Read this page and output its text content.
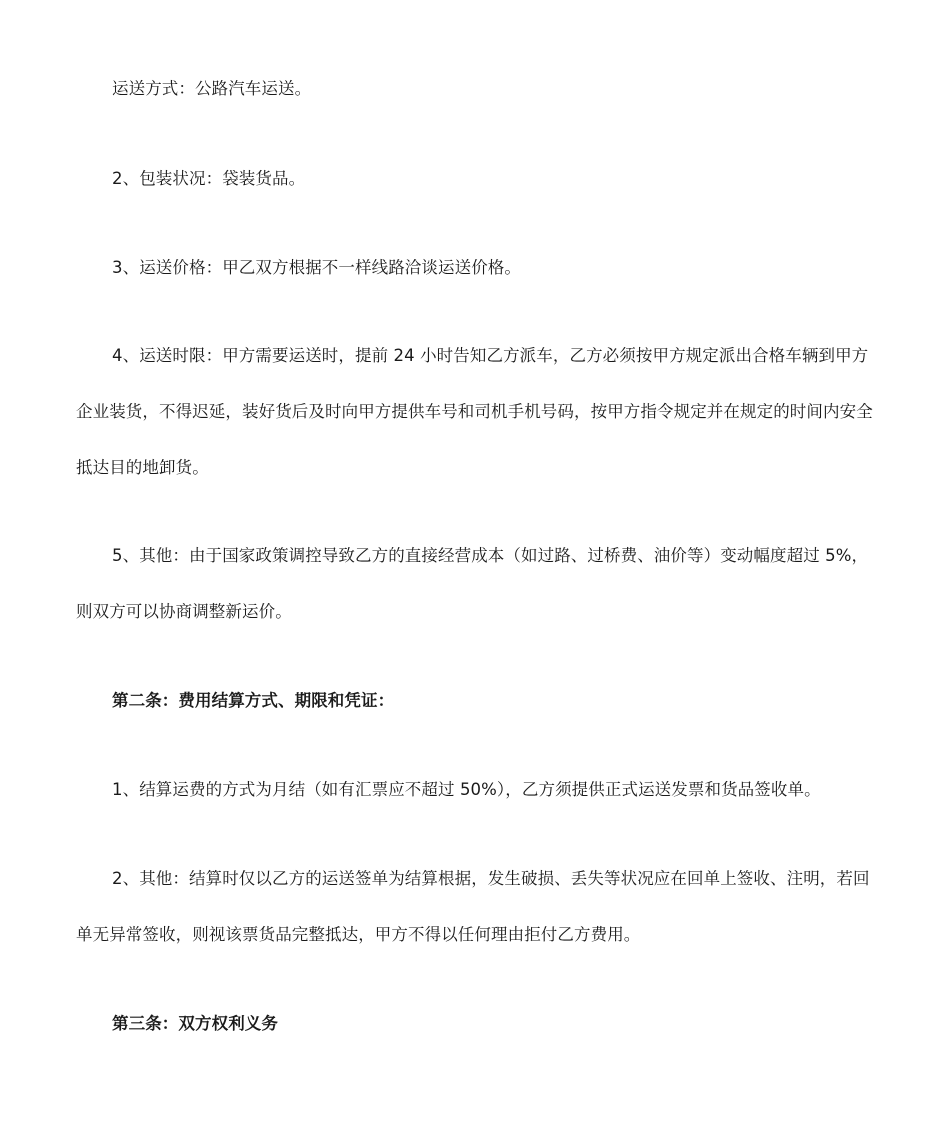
运送方式：公路汽车运送。

2、包装状况：袋装货品。

3、运送价格：甲乙双方根据不一样线路洽谈运送价格。

4、运送时限：甲方需要运送时，提前 24 小时告知乙方派车，乙方必须按甲方规定派出合格车辆到甲方企业装货，不得迟延，装好货后及时向甲方提供车号和司机手机号码，按甲方指令规定并在规定的时间内安全抵达目的地卸货。

5、其他：由于国家政策调控导致乙方的直接经营成本（如过路、过桥费、油价等）变动幅度超过 5%，则双方可以协商调整新运价。

第二条：费用结算方式、期限和凭证：

1、结算运费的方式为月结（如有汇票应不超过 50%），乙方须提供正式运送发票和货品签收单。

2、其他：结算时仅以乙方的运送签单为结算根据，发生破损、丢失等状况应在回单上签收、注明，若回单无异常签收，则视该票货品完整抵达，甲方不得以任何理由拒付乙方费用。

第三条：双方权利义务
